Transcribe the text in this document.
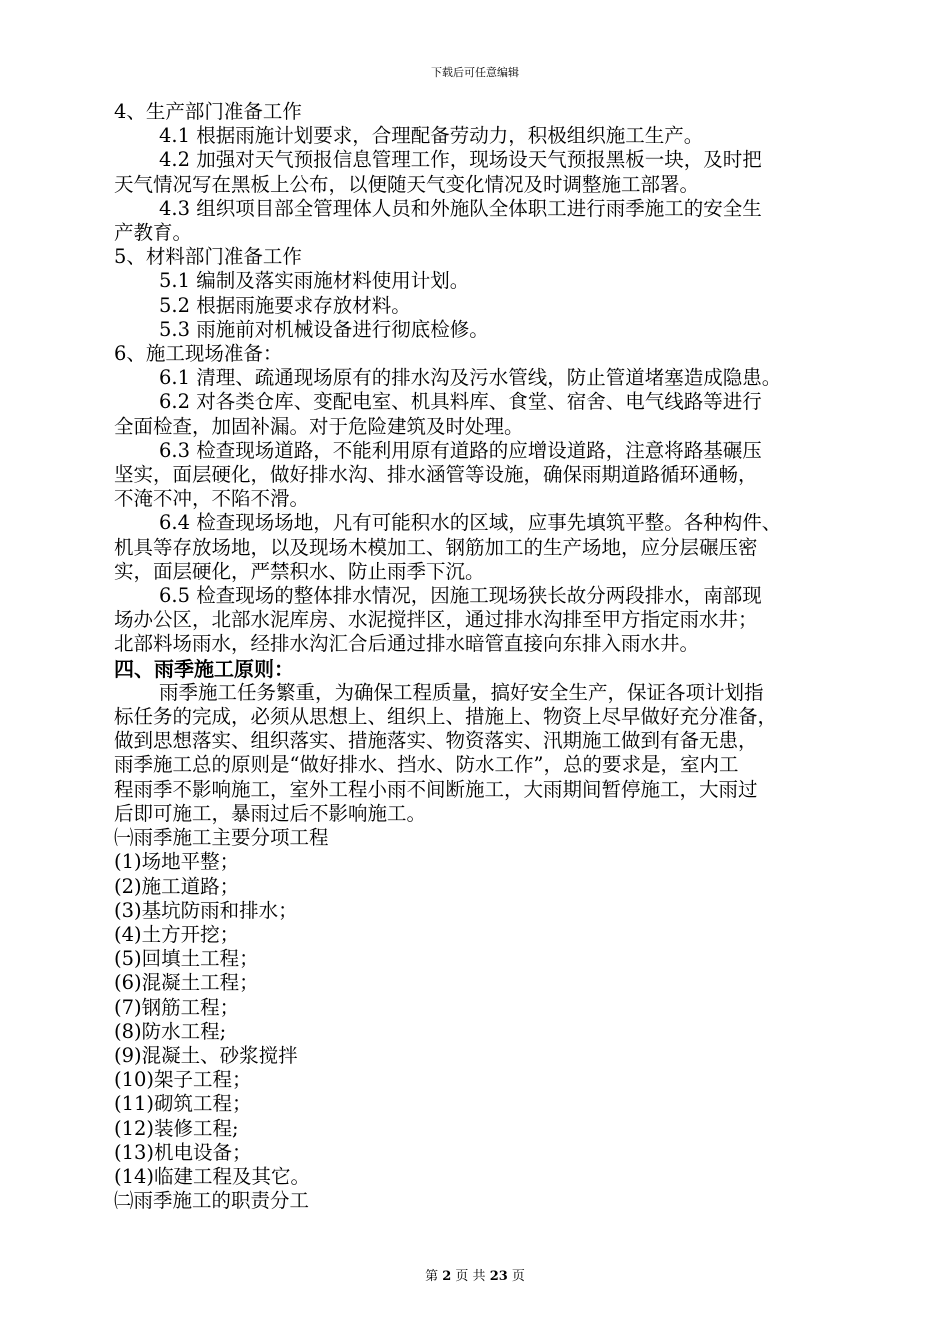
下载后可任意编辑

4、生产部门准备工作

4.1 根据雨施计划要求，合理配备劳动力，积极组织施工生产。

4.2 加强对天气预报信息管理工作，现场设天气预报黑板一块，及时把

天气情况写在黑板上公布，以便随天气变化情况及时调整施工部署。

4.3 组织项目部全管理体人员和外施队全体职工进行雨季施工的安全生

产教育。

5、材料部门准备工作

5.1 编制及落实雨施材料使用计划。

5.2 根据雨施要求存放材料。

5.3 雨施前对机械设备进行彻底检修。

6、施工现场准备：

6.1 清理、疏通现场原有的排水沟及污水管线，防止管道堵塞造成隐患。

6.2 对各类仓库、变配电室、机具料库、食堂、宿舍、电气线路等进行

全面检查，加固补漏。对于危险建筑及时处理。

6.3 检查现场道路，不能利用原有道路的应增设道路，注意将路基碾压

坚实，面层硬化，做好排水沟、排水涵管等设施，确保雨期道路循环通畅，

不淹不冲，不陷不滑。

6.4 检查现场场地，凡有可能积水的区域，应事先填筑平整。各种构件、

机具等存放场地，以及现场木模加工、钢筋加工的生产场地，应分层碾压密

实，面层硬化，严禁积水、防止雨季下沉。

6.5 检查现场的整体排水情况，因施工现场狭长故分两段排水，南部现

场办公区，北部水泥库房、水泥搅拌区，通过排水沟排至甲方指定雨水井；

北部料场雨水，经排水沟汇合后通过排水暗管直接向东排入雨水井。

四、雨季施工原则：

雨季施工任务繁重，为确保工程质量，搞好安全生产，保证各项计划指

标任务的完成，必须从思想上、组织上、措施上、物资上尽早做好充分准备，

做到思想落实、组织落实、措施落实、物资落实、汛期施工做到有备无患，

雨季施工总的原则是“做好排水、挡水、防水工作”，总的要求是，室内工

程雨季不影响施工，室外工程小雨不间断施工，大雨期间暂停施工，大雨过

后即可施工，暴雨过后不影响施工。

㈠雨季施工主要分项工程

(1)场地平整；

(2)施工道路；

(3)基坑防雨和排水；

(4)土方开挖；

(5)回填土工程；

(6)混凝土工程；

(7)钢筋工程；

(8)防水工程;

(9)混凝土、砂浆搅拌

(10)架子工程；

(11)砌筑工程；

(12)装修工程;

(13)机电设备；

(14)临建工程及其它。

㈡雨季施工的职责分工

第 2 页 共 23 页
